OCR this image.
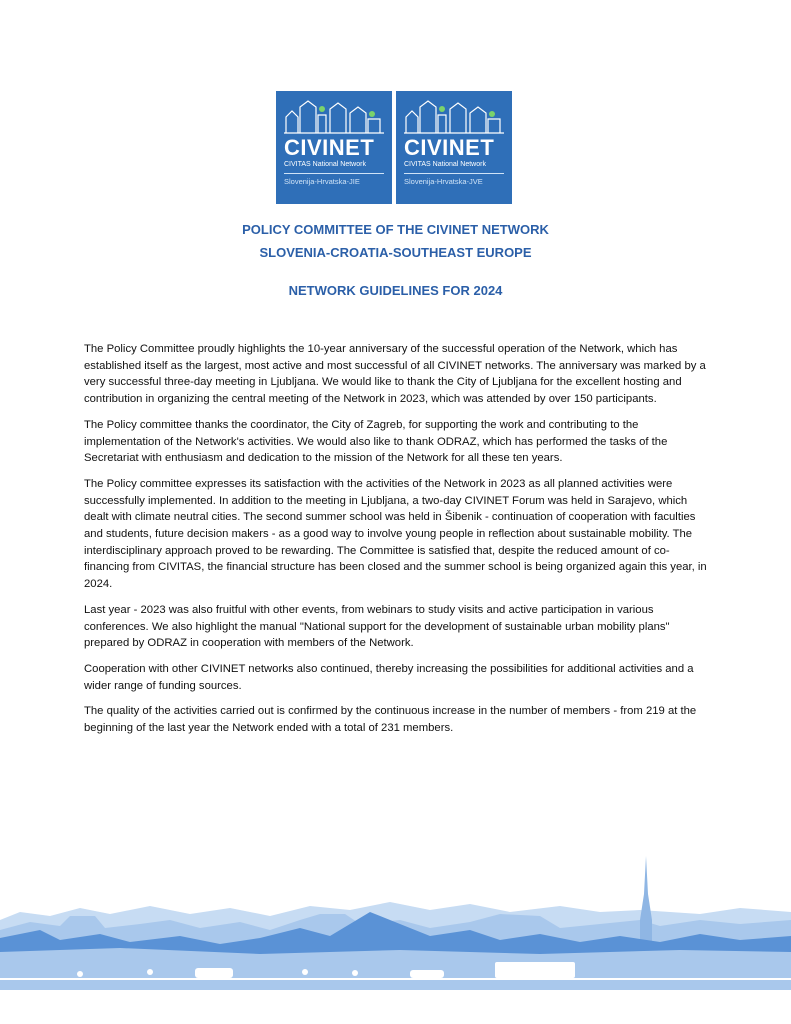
CIVINET
CIVITAS National Network
Slovenija-Hrvatska-JIE
CIVINET
CIVITAS National Network
Slovenija-Hrvatska-JVE
POLICY COMMITTEE OF THE CIVINET NETWORK
SLOVENIA-CROATIA-SOUTHEAST EUROPE
NETWORK GUIDELINES FOR 2024

The Policy Committee proudly highlights the 10-year anniversary of the successful operation of the Network, which has established itself as the largest, most active and most successful of all CIVINET networks. The anniversary was marked by a very successful three-day meeting in Ljubljana. We would like to thank the City of Ljubljana for the excellent hosting and contribution in organizing the central meeting of the Network in 2023, which was attended by over 150 participants.

The Policy committee thanks the coordinator, the City of Zagreb, for supporting the work and contributing to the implementation of the Network's activities. We would also like to thank ODRAZ, which has performed the tasks of the Secretariat with enthusiasm and dedication to the mission of the Network for all these ten years.

The Policy committee expresses its satisfaction with the activities of the Network in 2023 as all planned activities were successfully implemented. In addition to the meeting in Ljubljana, a two-day CIVINET Forum was held in Sarajevo, which dealt with climate neutral cities. The second summer school was held in Šibenik - continuation of cooperation with faculties and students, future decision makers - as a good way to involve young people in reflection about sustainable mobility. The interdisciplinary approach proved to be rewarding. The Committee is satisfied that, despite the reduced amount of co-financing from CIVITAS, the financial structure has been closed and the summer school is being organized again this year, in 2024.

Last year - 2023 was also fruitful with other events, from webinars to study visits and active participation in various conferences. We also highlight the manual "National support for the development of sustainable urban mobility plans" prepared by ODRAZ in cooperation with members of the Network.

Cooperation with other CIVINET networks also continued, thereby increasing the possibilities for additional activities and a wider range of funding sources.

The quality of the activities carried out is confirmed by the continuous increase in the number of members - from 219 at the beginning of the last year the Network ended with a total of 231 members.
